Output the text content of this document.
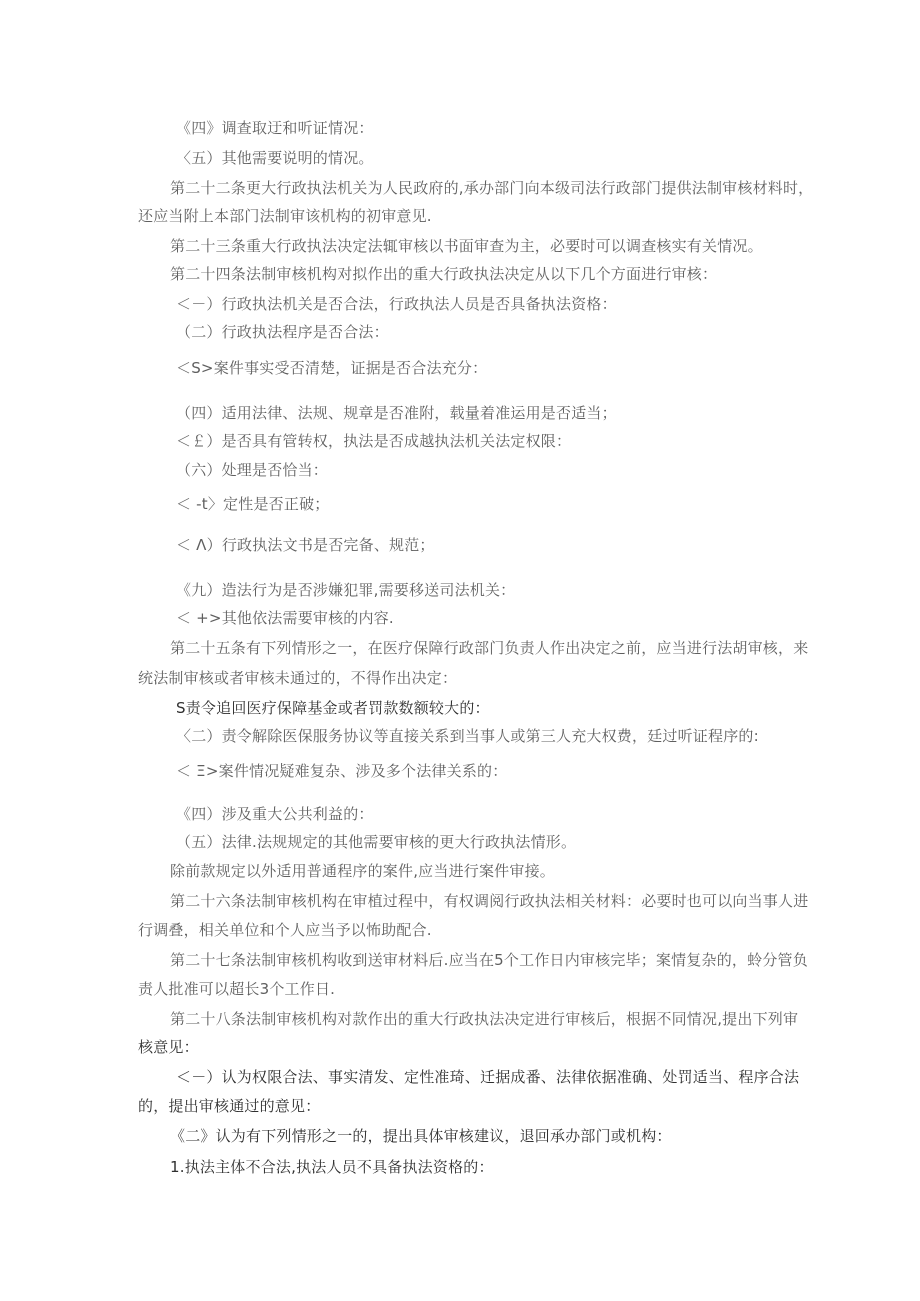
《四》调查取迂和听证情况：
〈五）其他需要说明的情况。
第二十二条更大行政执法机关为人民政府的,承办部门向本级司法行政部门提供法制审核材料时，
还应当附上本部门法制审该机构的初审意见.
第二十三条重大行政执法决定法辄审核以书面审查为主，必要时可以调查核实有关情况。
第二十四条法制审核机构对拟作出的重大行政执法决定从以下几个方面进行审核：
＜－）行政执法机关是否合法，行政执法人员是否具备执法资格：
（二）行政执法程序是否合法：
＜S>案件事实受否清楚，证据是否合法充分：
（四）适用法律、法规、规章是否准附，载量着准运用是否适当；
＜￡）是否具有管转权，执法是否成越执法机关法定权限：
（六）处理是否恰当：
＜ -t〉定性是否正破；
＜ Λ）行政执法文书是否完备、规范；
《九）造法行为是否涉嫌犯罪,需要移送司法机关：
＜ +>其他依法需要审核的内容.
第二十五条有下列情形之一，在医疗保障行政部门负责人作出决定之前，应当进行法胡审核，来
统法制审核或者审核未通过的，不得作出决定：
S责令追回医疗保障基金或者罚款数额较大的：
〈二）责令解除医保服务协议等直接关系到当事人或第三人充大权费，廷过听证程序的:
＜ Ξ>案件情况疑难复杂、涉及多个法律关系的：
《四）涉及重大公共利益的：
（五）法律.法规规定的其他需要审核的更大行政执法情形。
除前款规定以外适用普通程序的案件,应当进行案件审接。
第二十六条法制审核机构在审植过程中，有权调阅行政执法相关材料：必要时也可以向当事人进
行调叠，相关单位和个人应当予以怖助配合.
第二十七条法制审核机构收到送审材料后.应当在5个工作日内审核完毕；案情复杂的，蛉分管负
责人批准可以超长3个工作日.
第二十八条法制审核机构对款作出的重大行政执法决定进行审核后，根据不同情况,提出下列审
核意见：
＜－）认为权限合法、事实清发、定性准琦、迁据成番、法律依据准确、处罚适当、程序合法
的，提出审核通过的意见：
《二》认为有下列情形之一的，提出具体审核建议，退回承办部门或机构：
1.执法主体不合法,执法人员不具备执法资格的：
